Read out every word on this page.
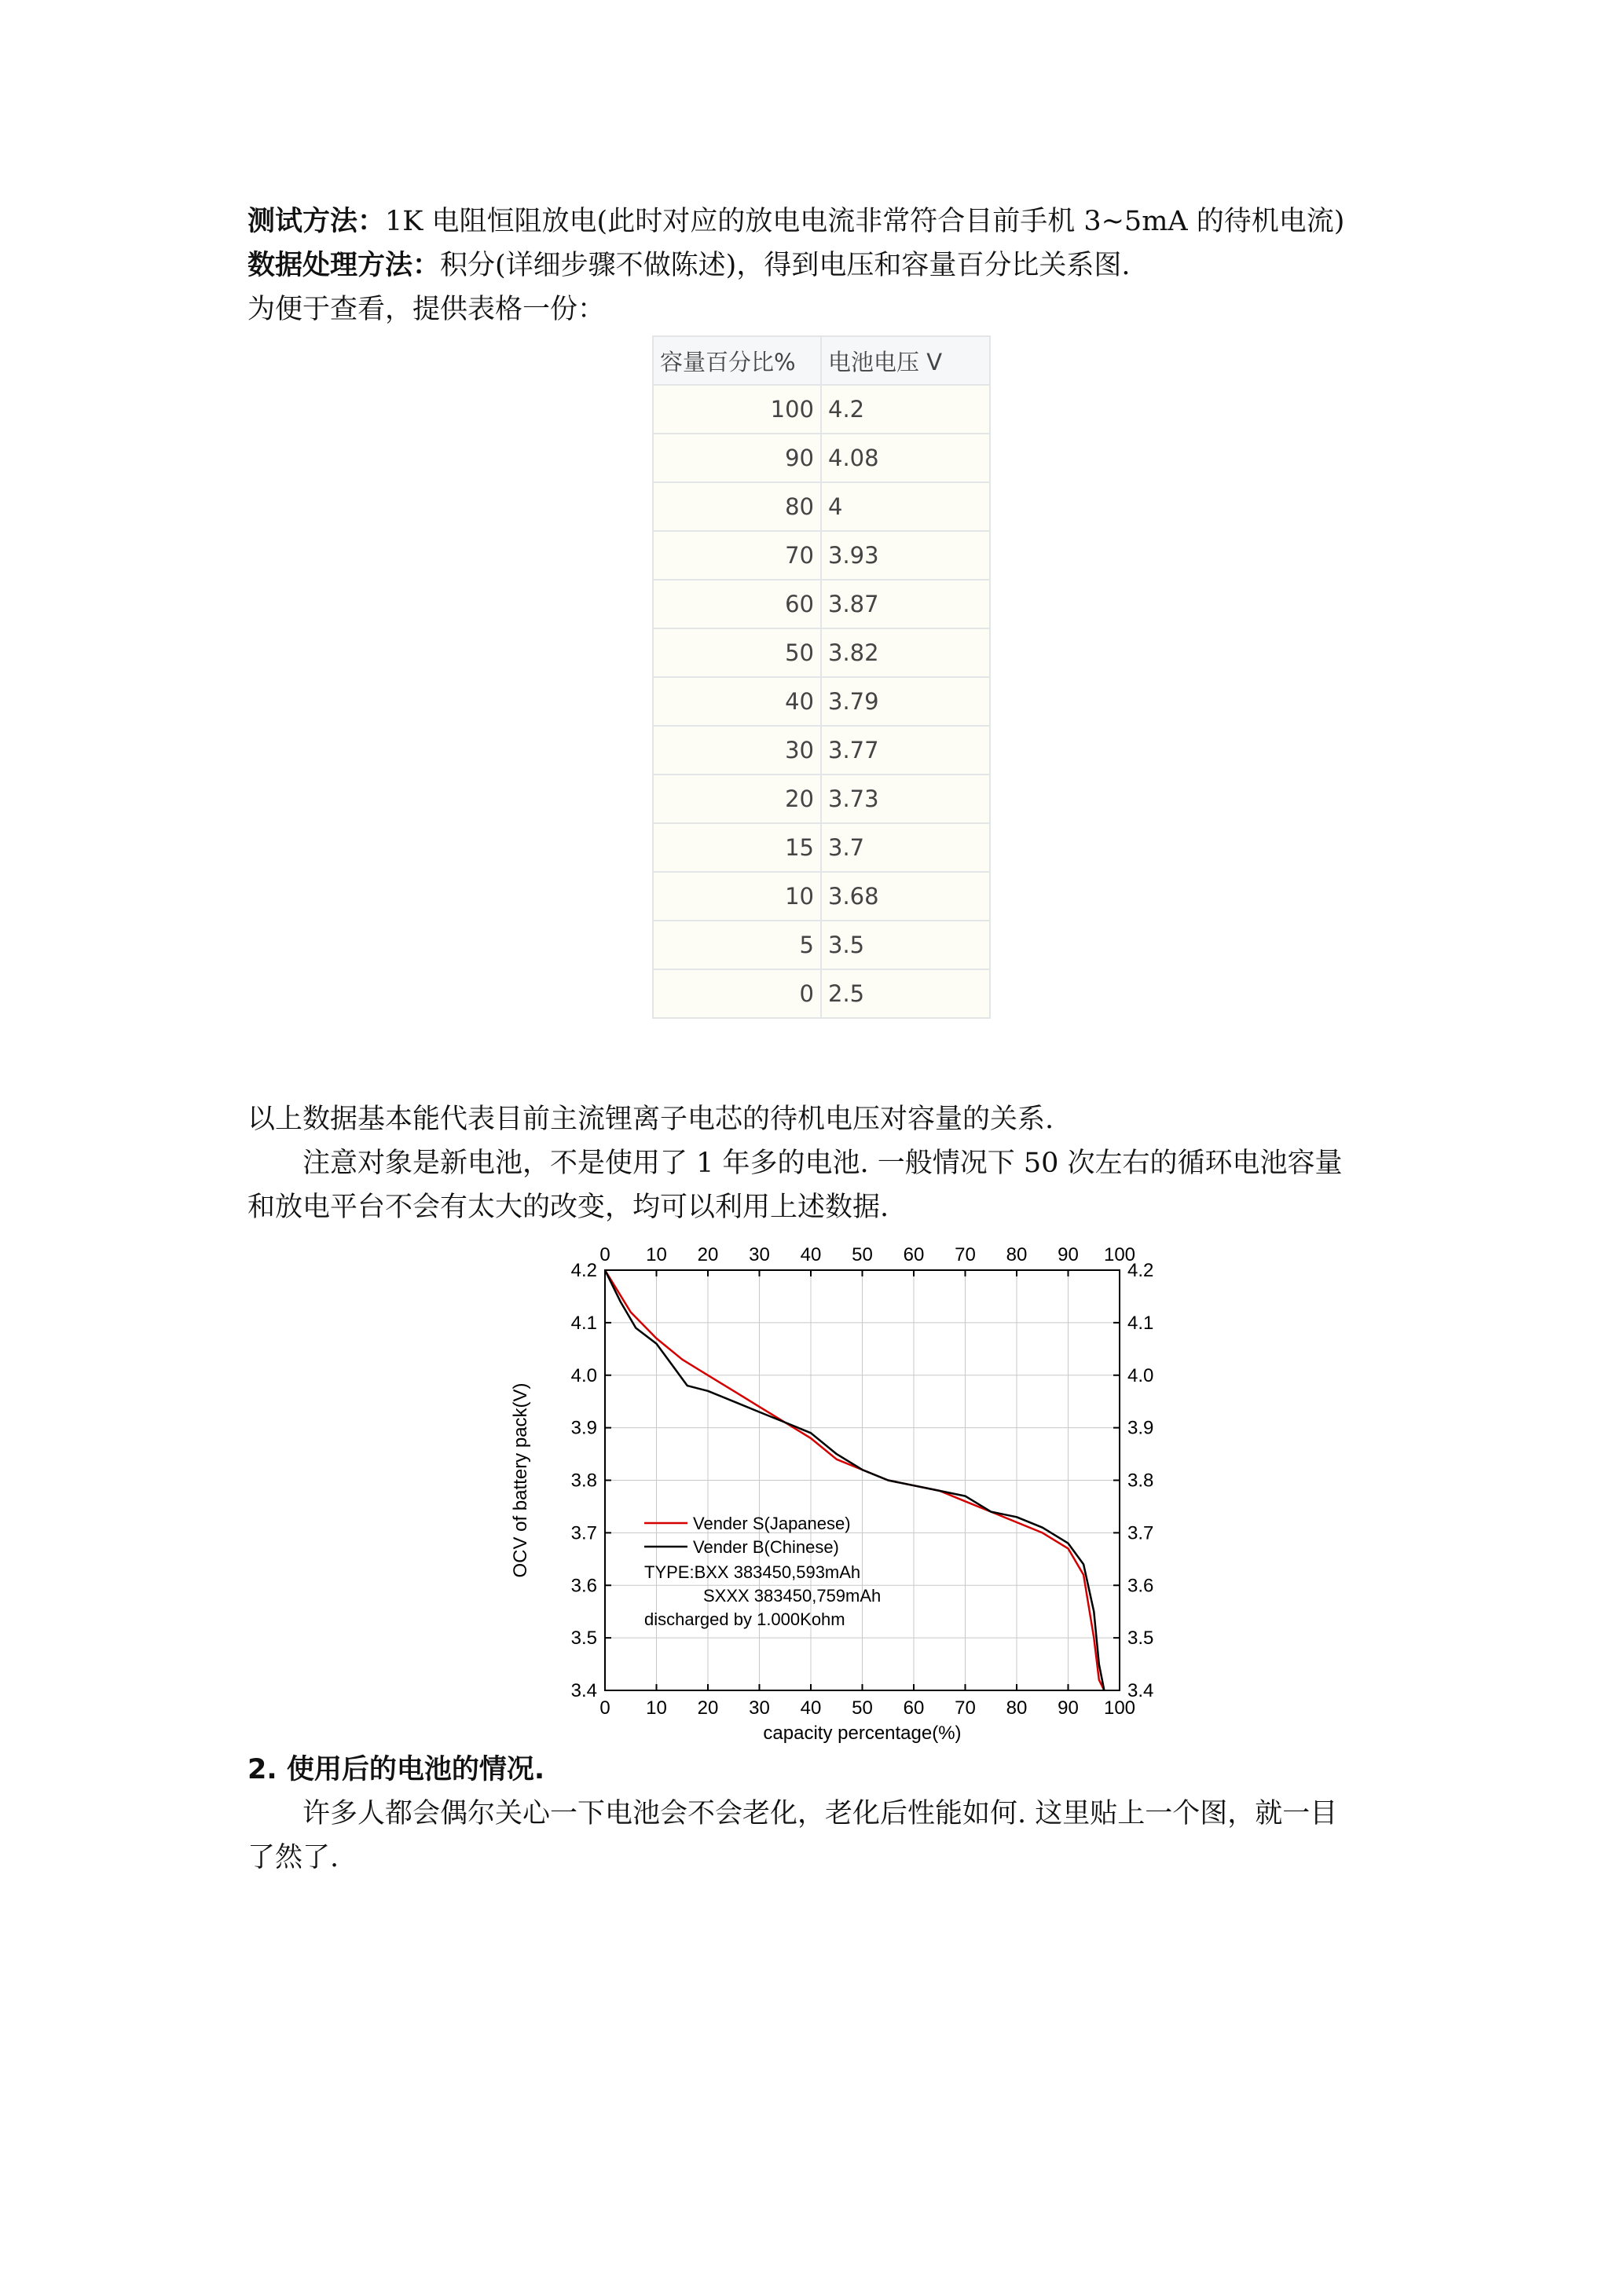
测试方法：1K 电阻恒阻放电(此时对应的放电电流非常符合目前手机 3~5mA 的待机电流)
数据处理方法：积分(详细步骤不做陈述)，得到电压和容量百分比关系图.
为便于查看，提供表格一份：
容量百分比%	电池电压 V
100	4.2
90	4.08
80	4
70	3.93
60	3.87
50	3.82
40	3.79
30	3.77
20	3.73
15	3.7
10	3.68
5	3.5
0	2.5
以上数据基本能代表目前主流锂离子电芯的待机电压对容量的关系.
注意对象是新电池，不是使用了 1 年多的电池. 一般情况下 50 次左右的循环电池容量
和放电平台不会有太大的改变，均可以利用上述数据.
0
0
10
10
20
20
30
30
40
40
50
50
60
60
70
70
80
80
90
90
100
100
3.4	3.4
3.5	3.5
3.6	3.6
3.7	3.7
3.8	3.8
3.9	3.9
4.0	4.0
4.1	4.1
4.2	4.2
Vender S(Japanese)
Vender B(Chinese)
TYPE:BXX 383450,593mAh
SXXX 383450,759mAh
discharged by 1.000Kohm
capacity percentage(%)
OCV of battery pack(V)
2. 使用后的电池的情况.
许多人都会偶尔关心一下电池会不会老化，老化后性能如何. 这里贴上一个图，就一目
了然了.
